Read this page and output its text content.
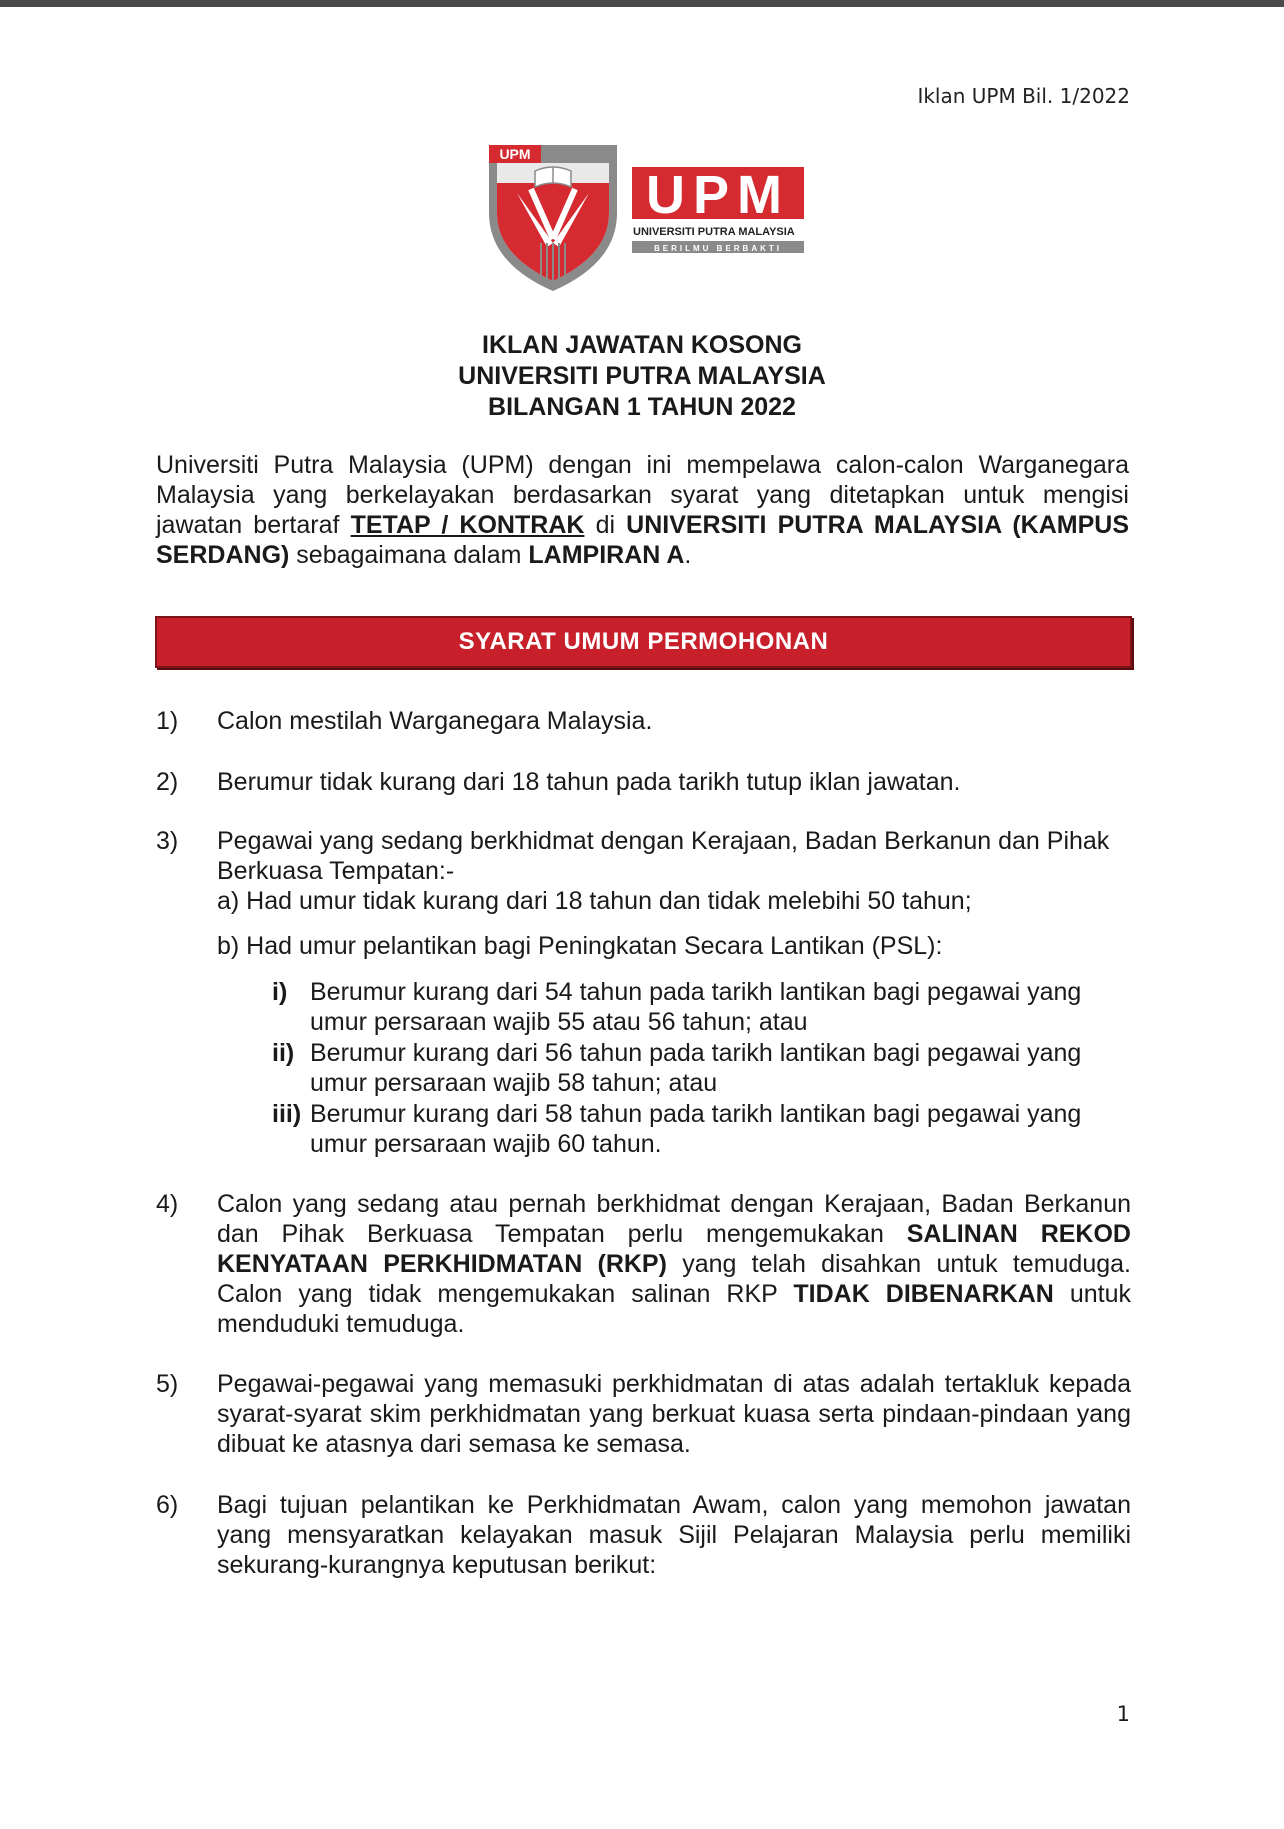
Iklan UPM Bil. 1/2022
UPM
UPM
UNIVERSITI PUTRA MALAYSIA
BERILMU BERBAKTI
IKLAN JAWATAN KOSONG
UNIVERSITI PUTRA MALAYSIA
BILANGAN 1 TAHUN 2022
Universiti Putra Malaysia (UPM) dengan ini mempelawa calon-calon Warganegara Malaysia yang berkelayakan berdasarkan syarat yang ditetapkan untuk mengisi jawatan bertaraf TETAP / KONTRAK di UNIVERSITI PUTRA MALAYSIA (KAMPUS SERDANG) sebagaimana dalam LAMPIRAN A.
SYARAT UMUM PERMOHONAN
1) Calon mestilah Warganegara Malaysia.
2) Berumur tidak kurang dari 18 tahun pada tarikh tutup iklan jawatan.
3) Pegawai yang sedang berkhidmat dengan Kerajaan, Badan Berkanun dan Pihak Berkuasa Tempatan:-
a) Had umur tidak kurang dari 18 tahun dan tidak melebihi 50 tahun;
b) Had umur pelantikan bagi Peningkatan Secara Lantikan (PSL):
i) Berumur kurang dari 54 tahun pada tarikh lantikan bagi pegawai yang umur persaraan wajib 55 atau 56 tahun; atau
ii) Berumur kurang dari 56 tahun pada tarikh lantikan bagi pegawai yang umur persaraan wajib 58 tahun; atau
iii) Berumur kurang dari 58 tahun pada tarikh lantikan bagi pegawai yang umur persaraan wajib 60 tahun.
4) Calon yang sedang atau pernah berkhidmat dengan Kerajaan, Badan Berkanun dan Pihak Berkuasa Tempatan perlu mengemukakan SALINAN REKOD KENYATAAN PERKHIDMATAN (RKP) yang telah disahkan untuk temuduga. Calon yang tidak mengemukakan salinan RKP TIDAK DIBENARKAN untuk menduduki temuduga.
5) Pegawai-pegawai yang memasuki perkhidmatan di atas adalah tertakluk kepada syarat-syarat skim perkhidmatan yang berkuat kuasa serta pindaan-pindaan yang dibuat ke atasnya dari semasa ke semasa.
6) Bagi tujuan pelantikan ke Perkhidmatan Awam, calon yang memohon jawatan yang mensyaratkan kelayakan masuk Sijil Pelajaran Malaysia perlu memiliki sekurang-kurangnya keputusan berikut:
1
